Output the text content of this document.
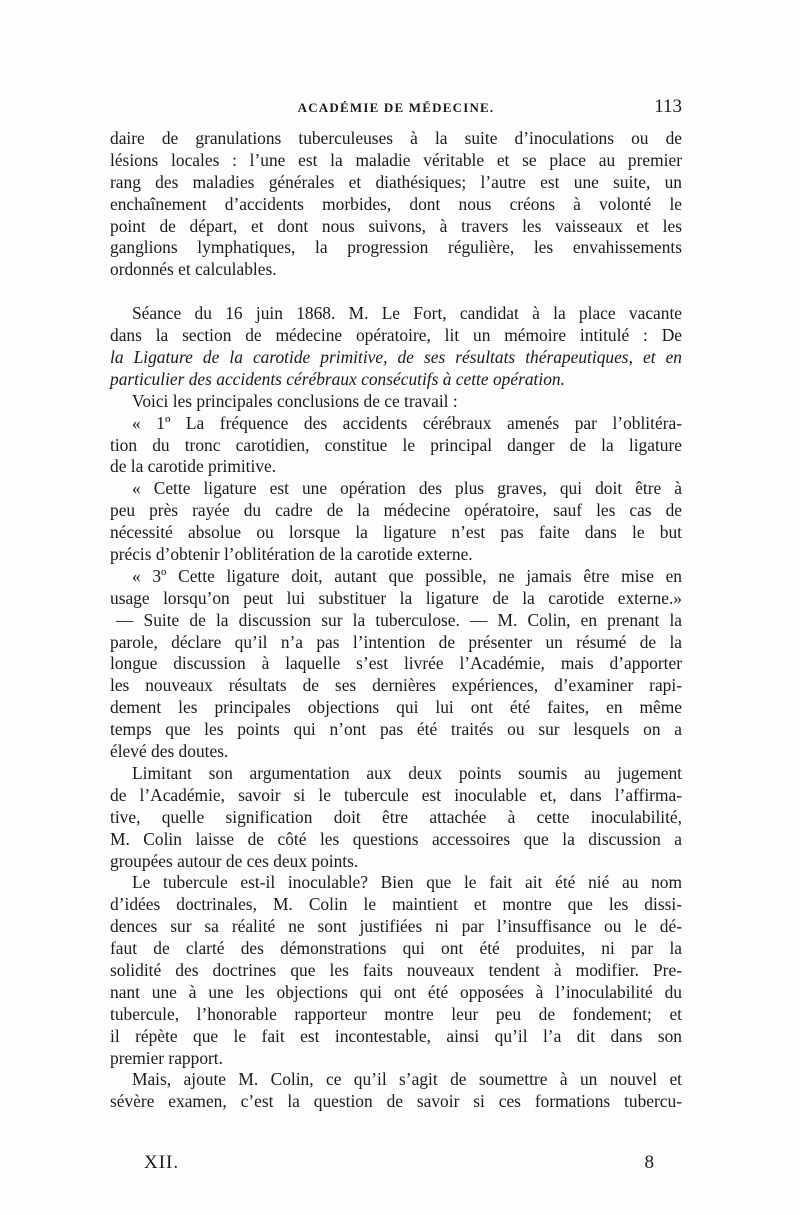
ACADÉMIE DE MÉDECINE.	113
daire de granulations tuberculeuses à la suite d’inoculations ou de
lésions locales : l’une est la maladie véritable et se place au premier
rang des maladies générales et diathésiques; l’autre est une suite, un
enchaînement d’accidents morbides, dont nous créons à volonté le
point de départ, et dont nous suivons, à travers les vaisseaux et les
ganglions lymphatiques, la progression régulière, les envahissements
ordonnés et calculables.
Séance du 16 juin 1868. M. Le Fort, candidat à la place vacante
dans la section de médecine opératoire, lit un mémoire intitulé : De
la Ligature de la carotide primitive, de ses résultats thérapeutiques, et en
particulier des accidents cérébraux consécutifs à cette opération.
Voici les principales conclusions de ce travail :
« 1º La fréquence des accidents cérébraux amenés par l’oblitéra-
tion du tronc carotidien, constitue le principal danger de la ligature
de la carotide primitive.
« Cette ligature est une opération des plus graves, qui doit être à
peu près rayée du cadre de la médecine opératoire, sauf les cas de
nécessité absolue ou lorsque la ligature n’est pas faite dans le but
précis d’obtenir l’oblitération de la carotide externe.
« 3º Cette ligature doit, autant que possible, ne jamais être mise en
usage lorsqu’on peut lui substituer la ligature de la carotide externe.»
— Suite de la discussion sur la tuberculose. — M. Colin, en prenant la
parole, déclare qu’il n’a pas l’intention de présenter un résumé de la
longue discussion à laquelle s’est livrée l’Académie, mais d’apporter
les nouveaux résultats de ses dernières expériences, d’examiner rapi-
dement les principales objections qui lui ont été faites, en même
temps que les points qui n’ont pas été traités ou sur lesquels on a
élevé des doutes.
Limitant son argumentation aux deux points soumis au jugement
de l’Académie, savoir si le tubercule est inoculable et, dans l’affirma-
tive, quelle signification doit être attachée à cette inoculabilité,
M. Colin laisse de côté les questions accessoires que la discussion a
groupées autour de ces deux points.
Le tubercule est-il inoculable? Bien que le fait ait été nié au nom
d’idées doctrinales, M. Colin le maintient et montre que les dissi-
dences sur sa réalité ne sont justifiées ni par l’insuffisance ou le dé-
faut de clarté des démonstrations qui ont été produites, ni par la
solidité des doctrines que les faits nouveaux tendent à modifier. Pre-
nant une à une les objections qui ont été opposées à l’inoculabilité du
tubercule, l’honorable rapporteur montre leur peu de fondement; et
il répète que le fait est incontestable, ainsi qu’il l’a dit dans son
premier rapport.
Mais, ajoute M. Colin, ce qu’il s’agit de soumettre à un nouvel et
sévère examen, c’est la question de savoir si ces formations tubercu-
XII.	8
